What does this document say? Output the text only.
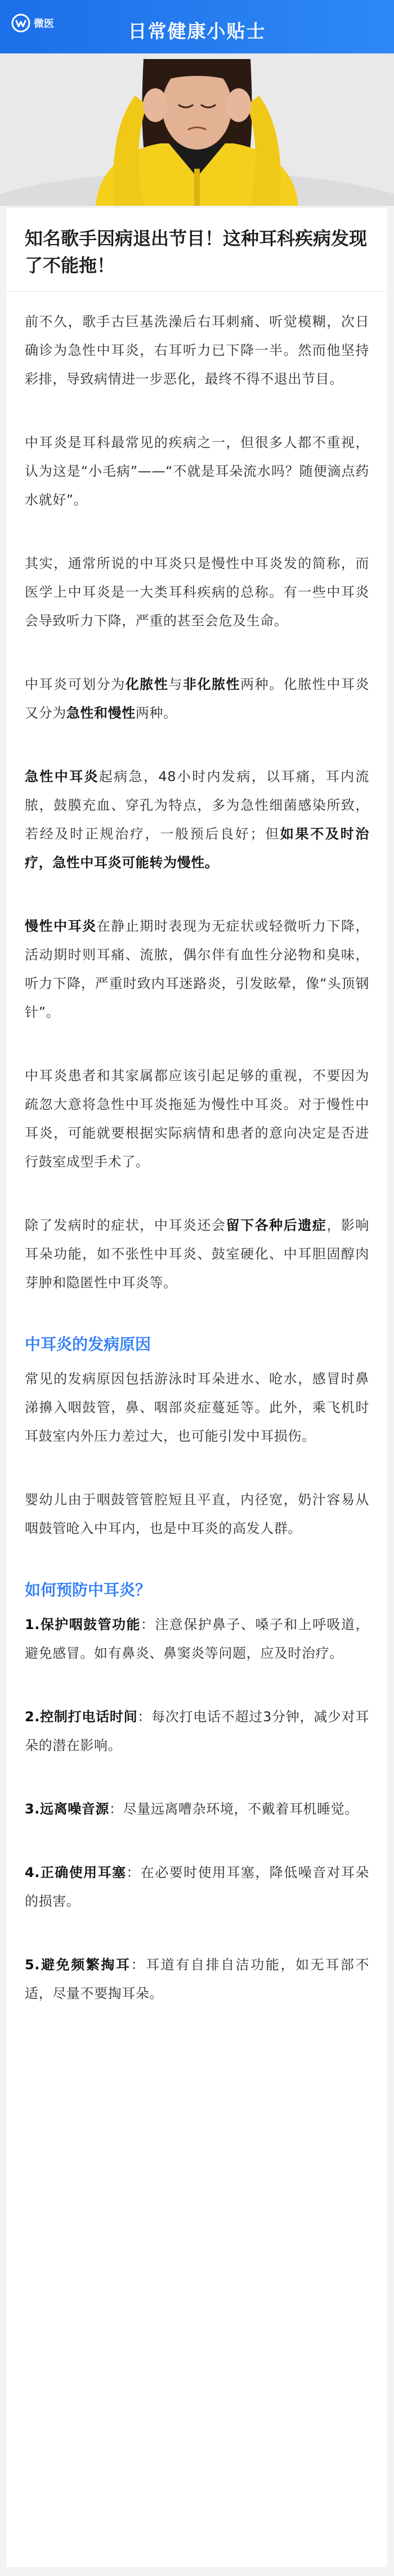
微医	日常健康小贴士
知名歌手因病退出节目！这种耳科疾病发现了不能拖！

前不久，歌手古巨基洗澡后右耳刺痛、听觉模糊，次日确诊为急性中耳炎，右耳听力已下降一半。然而他坚持彩排，导致病情进一步恶化，最终不得不退出节目。

中耳炎是耳科最常见的疾病之一，但很多人都不重视，认为这是“小毛病”——“不就是耳朵流水吗？随便滴点药水就好”。

其实，通常所说的中耳炎只是慢性中耳炎发的简称，而医学上中耳炎是一大类耳科疾病的总称。有一些中耳炎会导致听力下降，严重的甚至会危及生命。

中耳炎可划分为化脓性与非化脓性两种。化脓性中耳炎又分为急性和慢性两种。

急性中耳炎起病急，48小时内发病，以耳痛，耳内流脓，鼓膜充血、穿孔为特点，多为急性细菌感染所致，若经及时正规治疗，一般预后良好；但如果不及时治疗，急性中耳炎可能转为慢性。

慢性中耳炎在静止期时表现为无症状或轻微听力下降，活动期时则耳痛、流脓，偶尔伴有血性分泌物和臭味，听力下降，严重时致内耳迷路炎，引发眩晕，像“头顶钢针”。

中耳炎患者和其家属都应该引起足够的重视，不要因为疏忽大意将急性中耳炎拖延为慢性中耳炎。对于慢性中耳炎，可能就要根据实际病情和患者的意向决定是否进行鼓室成型手术了。

除了发病时的症状，中耳炎还会留下各种后遗症，影响耳朵功能，如不张性中耳炎、鼓室硬化、中耳胆固醇肉芽肿和隐匿性中耳炎等。

中耳炎的发病原因

常见的发病原因包括游泳时耳朵进水、呛水，感冒时鼻涕擤入咽鼓管，鼻、咽部炎症蔓延等。此外，乘飞机时耳鼓室内外压力差过大，也可能引发中耳损伤。

婴幼儿由于咽鼓管管腔短且平直，内径宽，奶汁容易从咽鼓管呛入中耳内，也是中耳炎的高发人群。

如何预防中耳炎？

1.保护咽鼓管功能：注意保护鼻子、嗓子和上呼吸道，避免感冒。如有鼻炎、鼻窦炎等问题，应及时治疗。

2.控制打电话时间：每次打电话不超过3分钟，减少对耳朵的潜在影响。

3.远离噪音源：尽量远离嘈杂环境，不戴着耳机睡觉。

4.正确使用耳塞：在必要时使用耳塞，降低噪音对耳朵的损害。

5.避免频繁掏耳：耳道有自排自洁功能，如无耳部不适，尽量不要掏耳朵。
